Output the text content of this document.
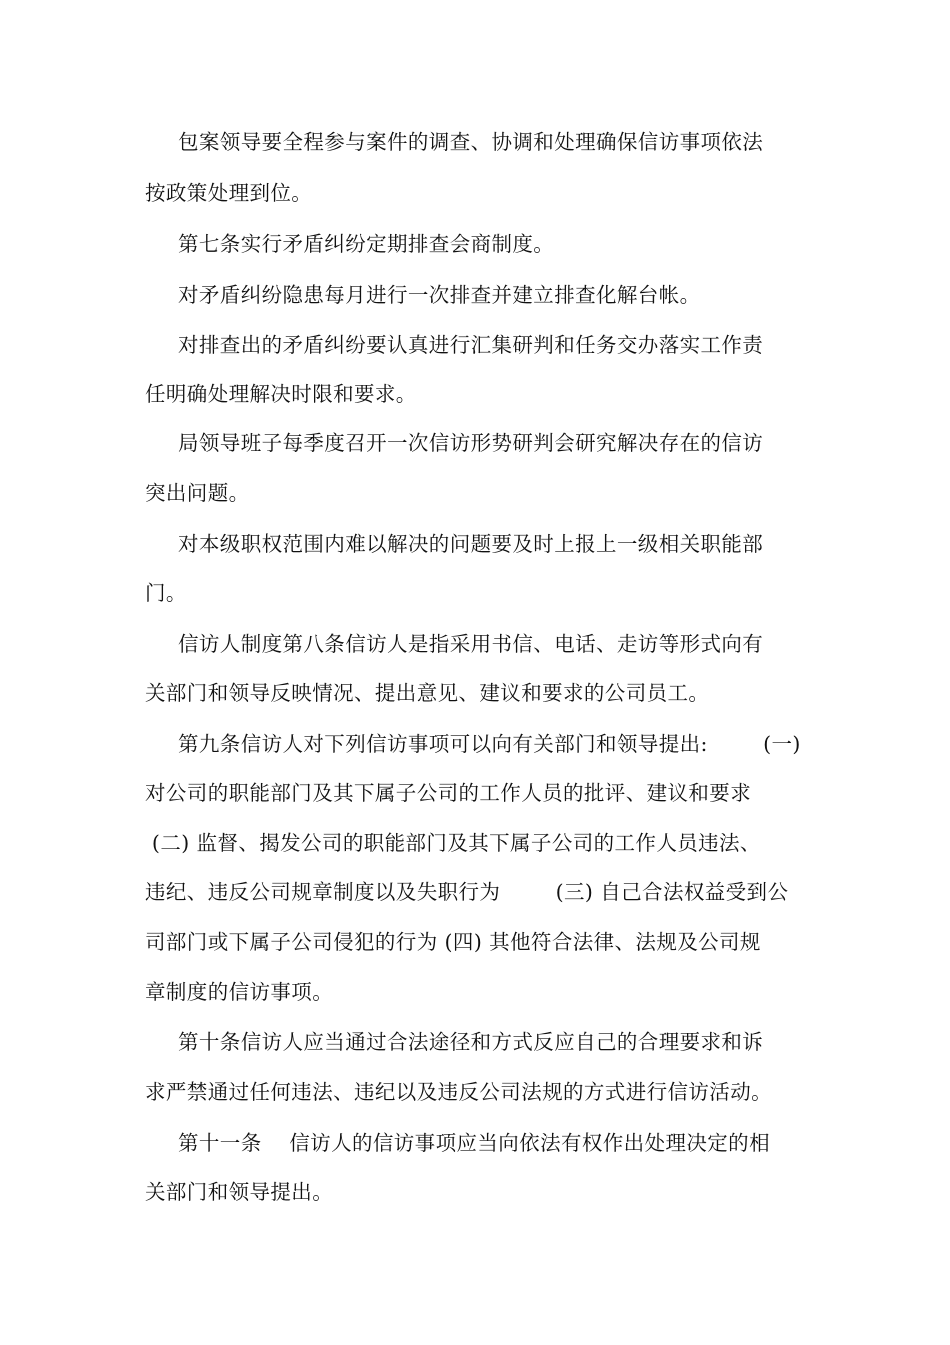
包案领导要全程参与案件的调查、协调和处理确保信访事项依法
按政策处理到位。
第七条实行矛盾纠纷定期排查会商制度。
对矛盾纠纷隐患每月进行一次排查并建立排查化解台帐。
对排查出的矛盾纠纷要认真进行汇集研判和任务交办落实工作责
任明确处理解决时限和要求。
局领导班子每季度召开一次信访形势研判会研究解决存在的信访
突出问题。
对本级职权范围内难以解决的问题要及时上报上一级相关职能部
门。
信访人制度第八条信访人是指采用书信、电话、走访等形式向有
关部门和领导反映情况、提出意见、建议和要求的公司员工。
第九条信访人对下列信访事项可以向有关部门和领导提出:        (一)
对公司的职能部门及其下属子公司的工作人员的批评、建议和要求
(二) 监督、揭发公司的职能部门及其下属子公司的工作人员违法、
违纪、违反公司规章制度以及失职行为        (三) 自己合法权益受到公
司部门或下属子公司侵犯的行为 (四) 其他符合法律、法规及公司规
章制度的信访事项。
第十条信访人应当通过合法途径和方式反应自己的合理要求和诉
求严禁通过任何违法、违纪以及违反公司法规的方式进行信访活动。
第十一条    信访人的信访事项应当向依法有权作出处理决定的相
关部门和领导提出。
